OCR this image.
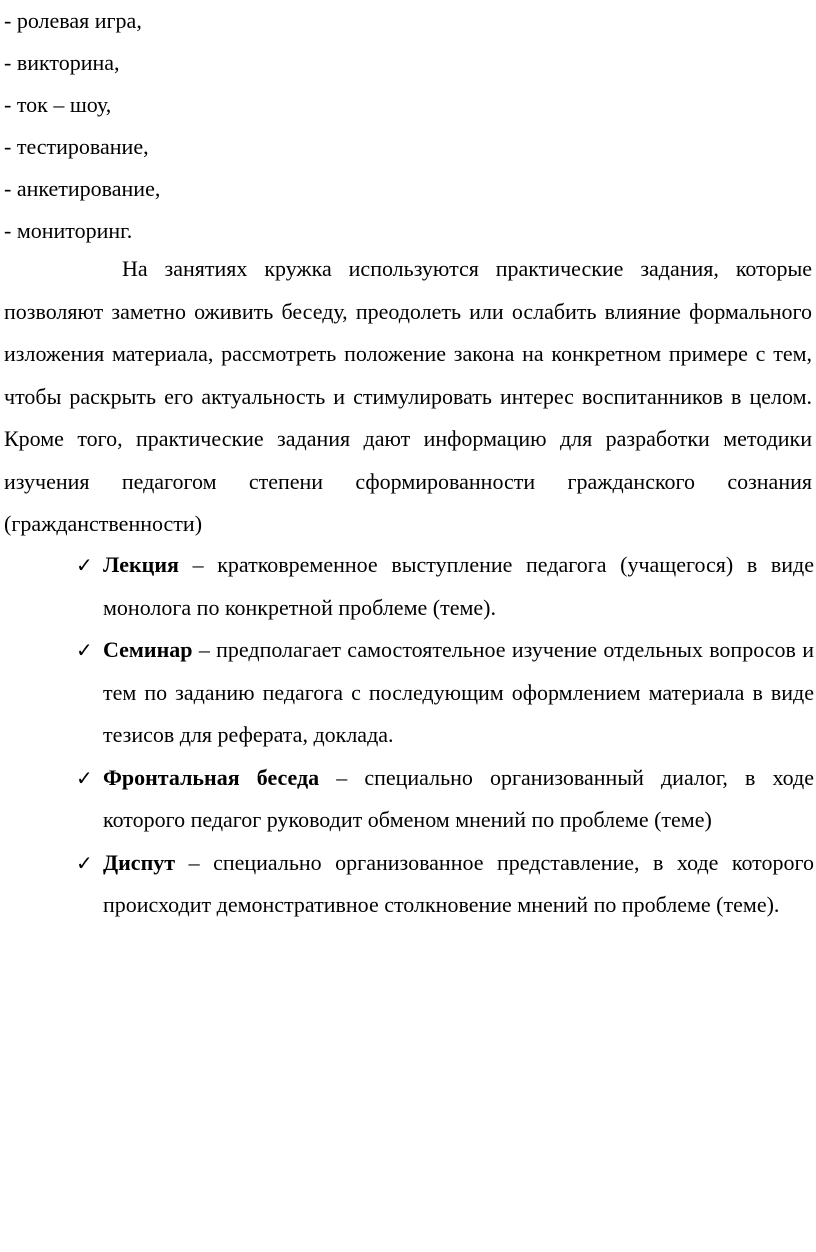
- ролевая игра,
- викторина,
- ток – шоу,
- тестирование,
- анкетирование,
- мониторинг.

На занятиях кружка используются практические задания, которые позволяют заметно оживить беседу, преодолеть или ослабить влияние формального изложения материала, рассмотреть положение закона на конкретном примере с тем, чтобы раскрыть его актуальность и стимулировать интерес воспитанников в целом. Кроме того, практические задания дают информацию для разработки методики изучения педагогом степени сформированности гражданского сознания (гражданственности)

✓ Лекция – кратковременное выступление педагога (учащегося) в виде монолога по конкретной проблеме (теме).
✓ Семинар – предполагает самостоятельное изучение отдельных вопросов и тем по заданию педагога с последующим оформлением материала в виде тезисов для реферата, доклада.
✓ Фронтальная беседа – специально организованный диалог, в ходе которого педагог руководит обменом мнений по проблеме (теме)
✓ Диспут – специально организованное представление, в ходе которого происходит демонстративное столкновение мнений по проблеме (теме).
